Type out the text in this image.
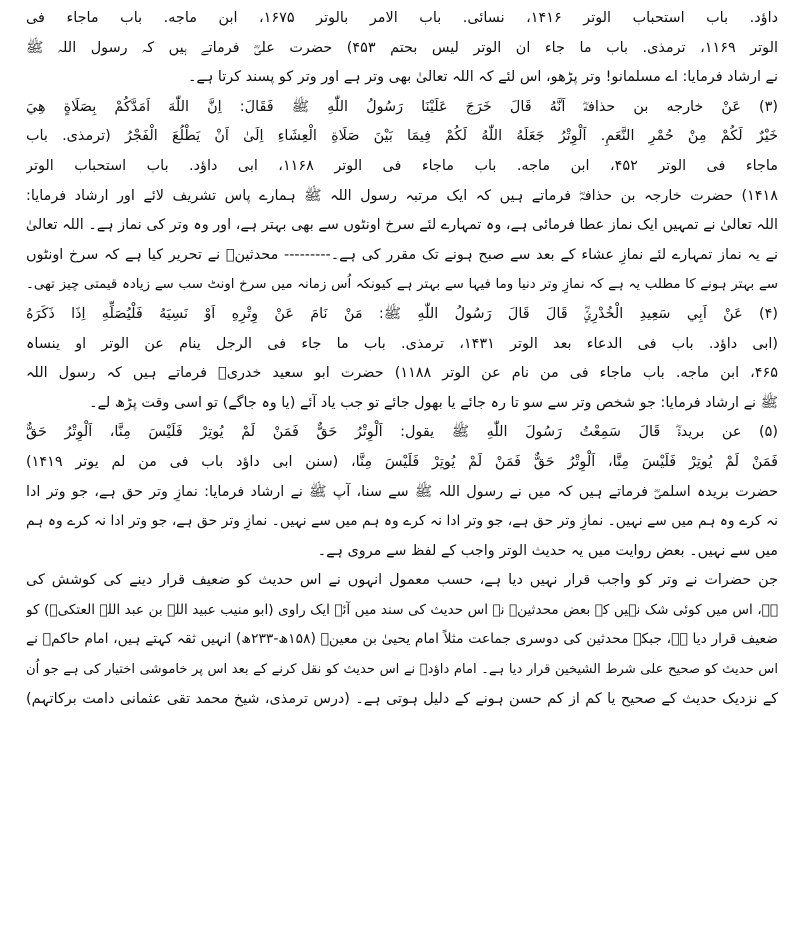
داؤد. باب استحباب الوتر ۱۴۱۶، نسائی. باب الامر بالوتر ۱۶۷۵، ابن ماجه. باب ماجاء فی
الوتر ۱۱۶۹، ترمذی. باب ما جاء ان الوتر لیس بحتم ۴۵۳) حضرت علیؓ فرماتے ہیں کہ رسول اللہ ﷺ
نے ارشاد فرمایا: اے مسلمانو! وتر پڑھو، اس لئے کہ اللہ تعالیٰ بھی وتر ہے اور وتر کو پسند کرتا ہے۔
(۳) عَنْ خارجه بن حذافهؓ اَنَّهُ قَالَ خَرَجَ عَلَيْنَا رَسُولُ اللّٰهِ ﷺ فَقَالَ: اِنَّ اللّٰهَ اَمَدَّكُمْ بِصَلَاةٍ هِيَ
خَيْرٌ لَكُمْ مِنْ حُمْرِ النَّعَمِ. اَلْوِتْرُ جَعَلَهُ اللّٰهُ لَكُمْ فِيمَا بَيْنَ صَلَاةِ الْعِشَاءِ اِلَىٰ اَنْ يَطْلُعَ الْفَجْرُ (ترمذی. باب
ماجاء فی الوتر ۴۵۲، ابن ماجه. باب ماجاء فی الوتر ۱۱۶۸، ابی داؤد. باب استحباب الوتر
۱۴۱۸) حضرت خارجہ بن حذافہؓ فرماتے ہیں کہ ایک مرتبہ رسول اللہ ﷺ ہمارے پاس تشریف لائے اور ارشاد فرمایا:
اللہ تعالیٰ نے تمہیں ایک نماز عطا فرمائی ہے، وہ تمہارے لئے سرخ اونٹوں سے بھی بہتر ہے، اور وہ وتر کی نماز ہے۔ اللہ تعالیٰ
نے یہ نماز تمہارے لئے نمازِ عشاء کے بعد سے صبح ہونے تک مقرر کی ہے۔--------- محدثینؒ نے تحریر کیا ہے کہ سرخ اونٹوں
سے بہتر ہونے کا مطلب یہ ہے کہ نمازِ وتر دنیا وما فیہا سے بہتر ہے کیونکہ اُس زمانہ میں سرخ اونٹ سب سے زیادہ قیمتی چیز تھی۔
(۴) عَنْ اَبِي سَعِيدِ الْخُدْرِيِّؓ قَالَ قَالَ رَسُولُ اللّٰهِ ﷺ: مَنْ نَامَ عَنْ وِتْرِهِ اَوْ نَسِيَهُ فَلْيُصَلِّهِ اِذَا ذَكَرَهُ
(ابی داؤد. باب فی الدعاء بعد الوتر ۱۴۳۱، ترمذی. باب ما جاء فی الرجل ینام عن الوتر او ینساہ
۴۶۵، ابن ماجه. باب ماجاء فی من نام عن الوتر ۱۱۸۸) حضرت ابو سعید خدریؓ فرماتے ہیں کہ رسول اللہ
ﷺ نے ارشاد فرمایا: جو شخص وتر سے سو تا رہ جائے یا بھول جائے تو جب یاد آئے (یا وہ جاگے) تو اسی وقت پڑھ لے۔
(۵) عن بریدةؓ قَالَ سَمِعْتُ رَسُولَ اللّٰهِ ﷺ يقول: اَلْوِتْرُ حَقٌّ فَمَنْ لَمْ يُوتِرْ فَلَيْسَ مِنَّا، اَلْوِتْرُ حَقٌّ
فَمَنْ لَمْ يُوتِرْ فَلَيْسَ مِنَّا، اَلْوِتْرُ حَقٌّ فَمَنْ لَمْ يُوتِرْ فَلَيْسَ مِنَّا، (سنن ابی داؤد باب فی من لم یوتر ۱۴۱۹)
حضرت بریدہ اسلمیؓ فرماتے ہیں کہ میں نے رسول اللہ ﷺ سے سنا، آپ ﷺ نے ارشاد فرمایا: نمازِ وتر حق ہے، جو وتر ادا
نہ کرے وہ ہم میں سے نہیں۔ نمازِ وتر حق ہے، جو وتر ادا نہ کرے وہ ہم میں سے نہیں۔ نمازِ وتر حق ہے، جو وتر ادا نہ کرے وہ ہم
میں سے نہیں۔ بعض روایت میں یہ حدیث الوتر واجب کے لفظ سے مروی ہے۔
جن حضرات نے وتر کو واجب قرار نہیں دیا ہے، حسب معمول انہوں نے اس حدیث کو ضعیف قرار دینے کی کوشش کی
ہے، اس میں کوئی شک نہیں کہ بعض محدثینؒ نے اس حدیث کی سند میں آئے ایک راوی (ابو منیب عبید اللہ بن عبد اللہ العتکیؒ) کو
ضعیف قرار دیا ہے، جبکہ محدثین کی دوسری جماعت مثلاً امام یحییٰ بن معینؒ (۱۵۸ھ-۲۳۳ھ) انہیں ثقہ کہتے ہیں، امام حاکمؒ نے
اس حدیث کو صحیح علی شرط الشیخین قرار دیا ہے۔ امام داؤدؒ نے اس حدیث کو نقل کرنے کے بعد اس پر خاموشی اختیار کی ہے جو اُن
کے نزدیک حدیث کے صحیح یا کم از کم حسن ہونے کے دلیل ہوتی ہے۔ (درس ترمذی، شیخ محمد تقی عثمانی دامت برکاتہم)
